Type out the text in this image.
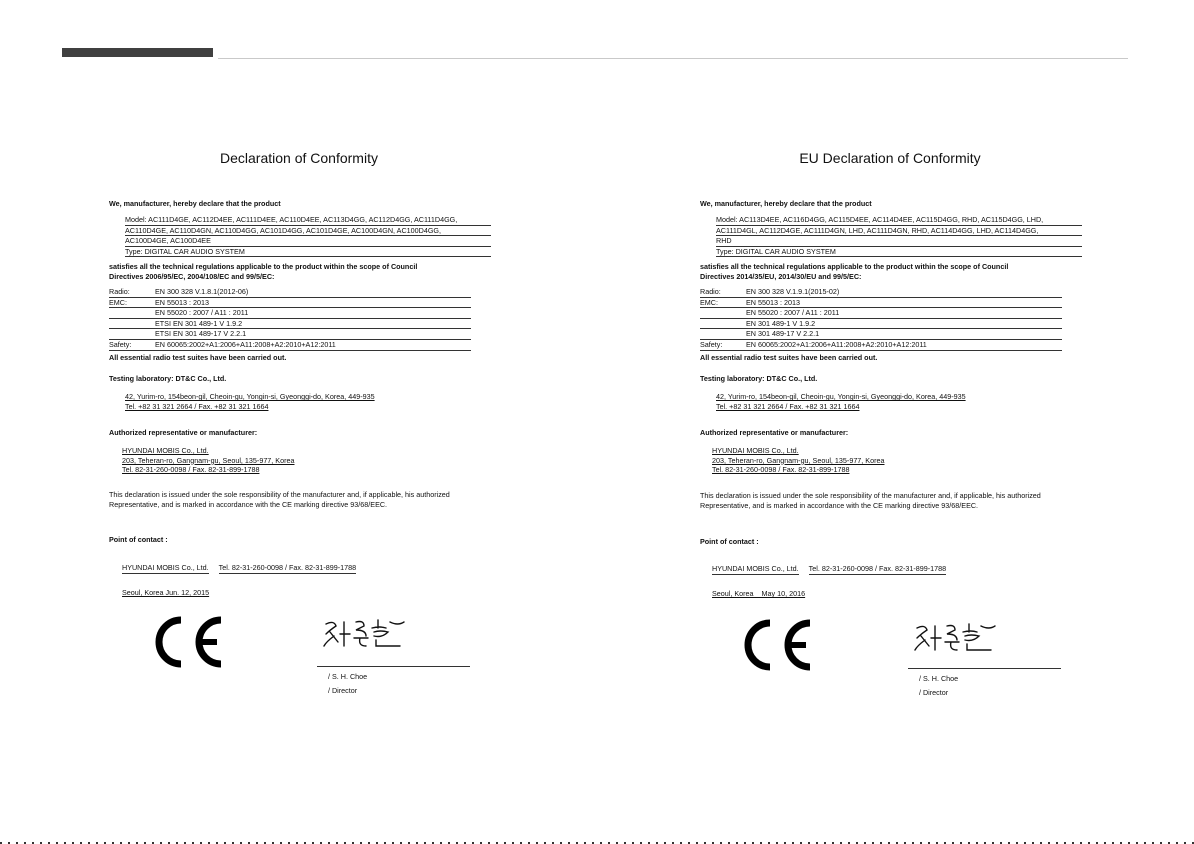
Declaration of Conformity
We, manufacturer, hereby declare that the product
Model: AC111D4GE, AC112D4EE, AC111D4EE, AC110D4EE, AC113D4GG, AC112D4GG, AC111D4GG,
AC110D4GE, AC110D4GN, AC110D4GG, AC101D4GG, AC101D4GE, AC100D4GN, AC100D4GG,
AC100D4GE, AC100D4EE
Type: DIGITAL CAR AUDIO SYSTEM
satisfies all the technical regulations applicable to the product within the scope of Council
Directives 2006/95/EC, 2004/108/EC and 99/5/EC:
Radio:	EN 300 328 V.1.8.1(2012-06)
EMC:	EN 55013 : 2013
EN 55020 : 2007 / A11 : 2011
ETSI EN 301 489-1 V 1.9.2
ETSI EN 301 489-17 V 2.2.1
Safety:	EN 60065:2002+A1:2006+A11:2008+A2:2010+A12:2011
All essential radio test suites have been carried out.
Testing laboratory: DT&C Co., Ltd.
42, Yurim-ro, 154beon-gil, Cheoin-gu, Yongin-si, Gyeonggi-do, Korea, 449-935
Tel. +82 31 321 2664 / Fax. +82 31 321 1664
Authorized representative or manufacturer:
HYUNDAI MOBIS Co., Ltd.
203, Teheran-ro, Gangnam-gu, Seoul, 135-977, Korea
Tel. 82-31-260-0098 / Fax. 82-31-899-1788
This declaration is issued under the sole responsibility of the manufacturer and, if applicable, his authorized
Representative, and is marked in accordance with the CE marking directive 93/68/EEC.
Point of contact :
HYUNDAI MOBIS Co., Ltd. Tel. 82-31-260-0098 / Fax. 82-31-899-1788
Seoul, Korea Jun. 12, 2015
/ S. H. Choe
/ Director
EU Declaration of Conformity
We, manufacturer, hereby declare that the product
Model: AC113D4EE, AC116D4GG, AC115D4EE, AC114D4EE, AC115D4GG, RHD, AC115D4GG, LHD,
AC111D4GL, AC112D4GE, AC111D4GN, LHD, AC111D4GN, RHD, AC114D4GG, LHD, AC114D4GG,
RHD
Type: DIGITAL CAR AUDIO SYSTEM
satisfies all the technical regulations applicable to the product within the scope of Council
Directives 2014/35/EU, 2014/30/EU and 99/5/EC:
Radio:	EN 300 328 V.1.9.1(2015-02)
EMC:	EN 55013 : 2013
EN 55020 : 2007 / A11 : 2011
EN 301 489-1 V 1.9.2
EN 301 489-17 V 2.2.1
Safety:	EN 60065:2002+A1:2006+A11:2008+A2:2010+A12:2011
All essential radio test suites have been carried out.
Testing laboratory: DT&C Co., Ltd.
42, Yurim-ro, 154beon-gil, Cheoin-gu, Yongin-si, Gyeonggi-do, Korea, 449-935
Tel. +82 31 321 2664 / Fax. +82 31 321 1664
Authorized representative or manufacturer:
HYUNDAI MOBIS Co., Ltd.
203, Teheran-ro, Gangnam-gu, Seoul, 135-977, Korea
Tel. 82-31-260-0098 / Fax. 82-31-899-1788
This declaration is issued under the sole responsibility of the manufacturer and, if applicable, his authorized
Representative, and is marked in accordance with the CE marking directive 93/68/EEC.
Point of contact :
HYUNDAI MOBIS Co., Ltd. Tel. 82-31-260-0098 / Fax. 82-31-899-1788
Seoul, Korea    May 10, 2016
/ S. H. Choe
/ Director
